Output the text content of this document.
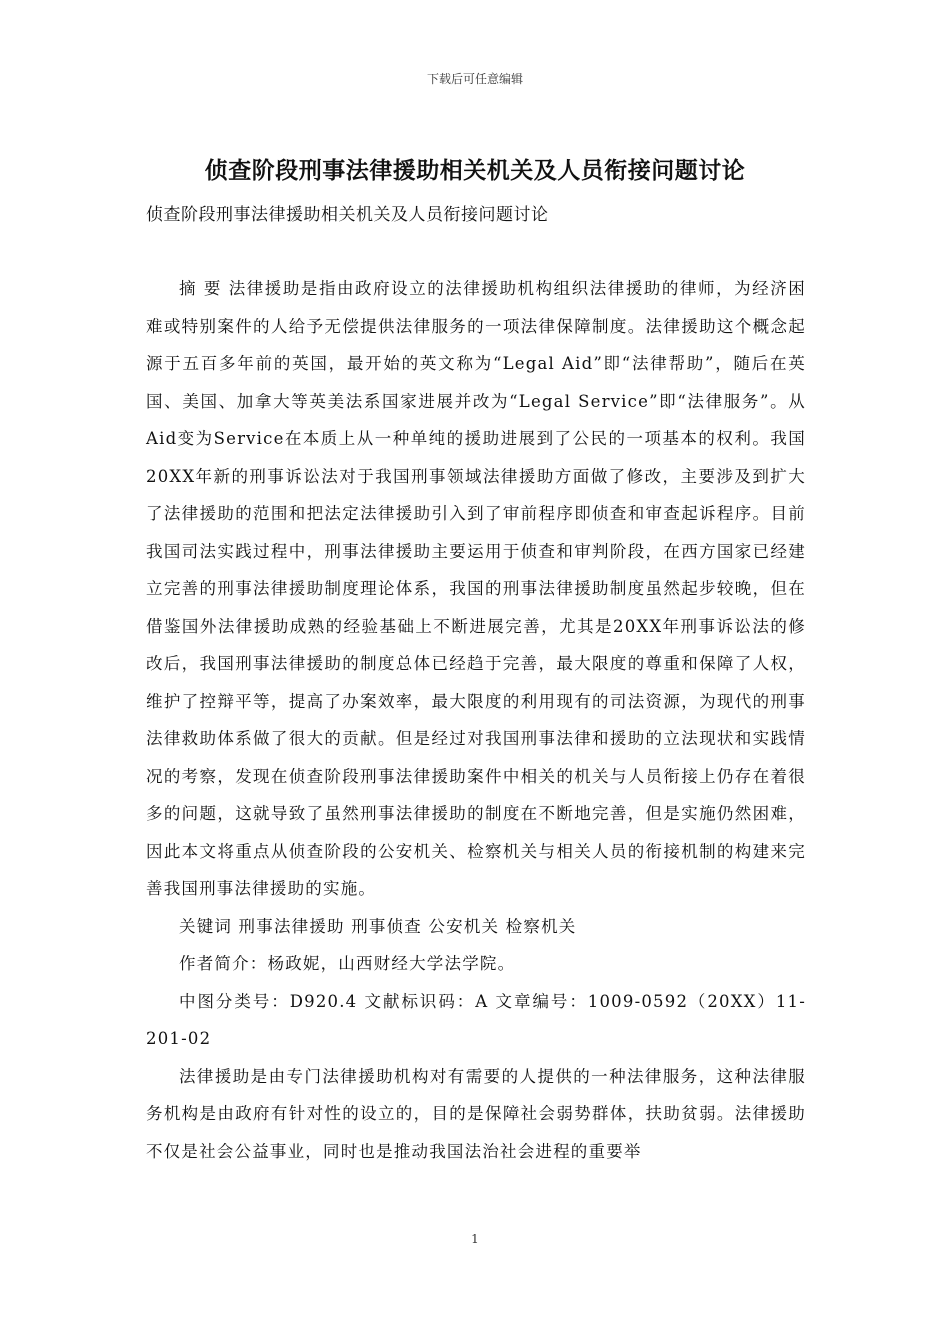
下载后可任意编辑
侦查阶段刑事法律援助相关机关及人员衔接问题讨论
侦查阶段刑事法律援助相关机关及人员衔接问题讨论

摘 要 法律援助是指由政府设立的法律援助机构组织法律援助的律师，为经济困难或特别案件的人给予无偿提供法律服务的一项法律保障制度。法律援助这个概念起源于五百多年前的英国，最开始的英文称为“Legal Aid”即“法律帮助”，随后在英国、美国、加拿大等英美法系国家进展并改为“Legal Service”即“法律服务”。从Aid变为Service在本质上从一种单纯的援助进展到了公民的一项基本的权利。我国20XX年新的刑事诉讼法对于我国刑事领域法律援助方面做了修改，主要涉及到扩大了法律援助的范围和把法定法律援助引入到了审前程序即侦查和审查起诉程序。目前我国司法实践过程中，刑事法律援助主要运用于侦查和审判阶段，在西方国家已经建立完善的刑事法律援助制度理论体系，我国的刑事法律援助制度虽然起步较晚，但在借鉴国外法律援助成熟的经验基础上不断进展完善，尤其是20XX年刑事诉讼法的修改后，我国刑事法律援助的制度总体已经趋于完善，最大限度的尊重和保障了人权，维护了控辩平等，提高了办案效率，最大限度的利用现有的司法资源，为现代的刑事法律救助体系做了很大的贡献。但是经过对我国刑事法律和援助的立法现状和实践情况的考察，发现在侦查阶段刑事法律援助案件中相关的机关与人员衔接上仍存在着很多的问题，这就导致了虽然刑事法律援助的制度在不断地完善，但是实施仍然困难，因此本文将重点从侦查阶段的公安机关、检察机关与相关人员的衔接机制的构建来完善我国刑事法律援助的实施。

关键词 刑事法律援助 刑事侦查 公安机关 检察机关

作者简介：杨政妮，山西财经大学法学院。

中图分类号：D920.4 文献标识码：A 文章编号：1009-0592（20XX）11-201-02

法律援助是由专门法律援助机构对有需要的人提供的一种法律服务，这种法律服务机构是由政府有针对性的设立的，目的是保障社会弱势群体，扶助贫弱。法律援助不仅是社会公益事业，同时也是推动我国法治社会进程的重要举

1
